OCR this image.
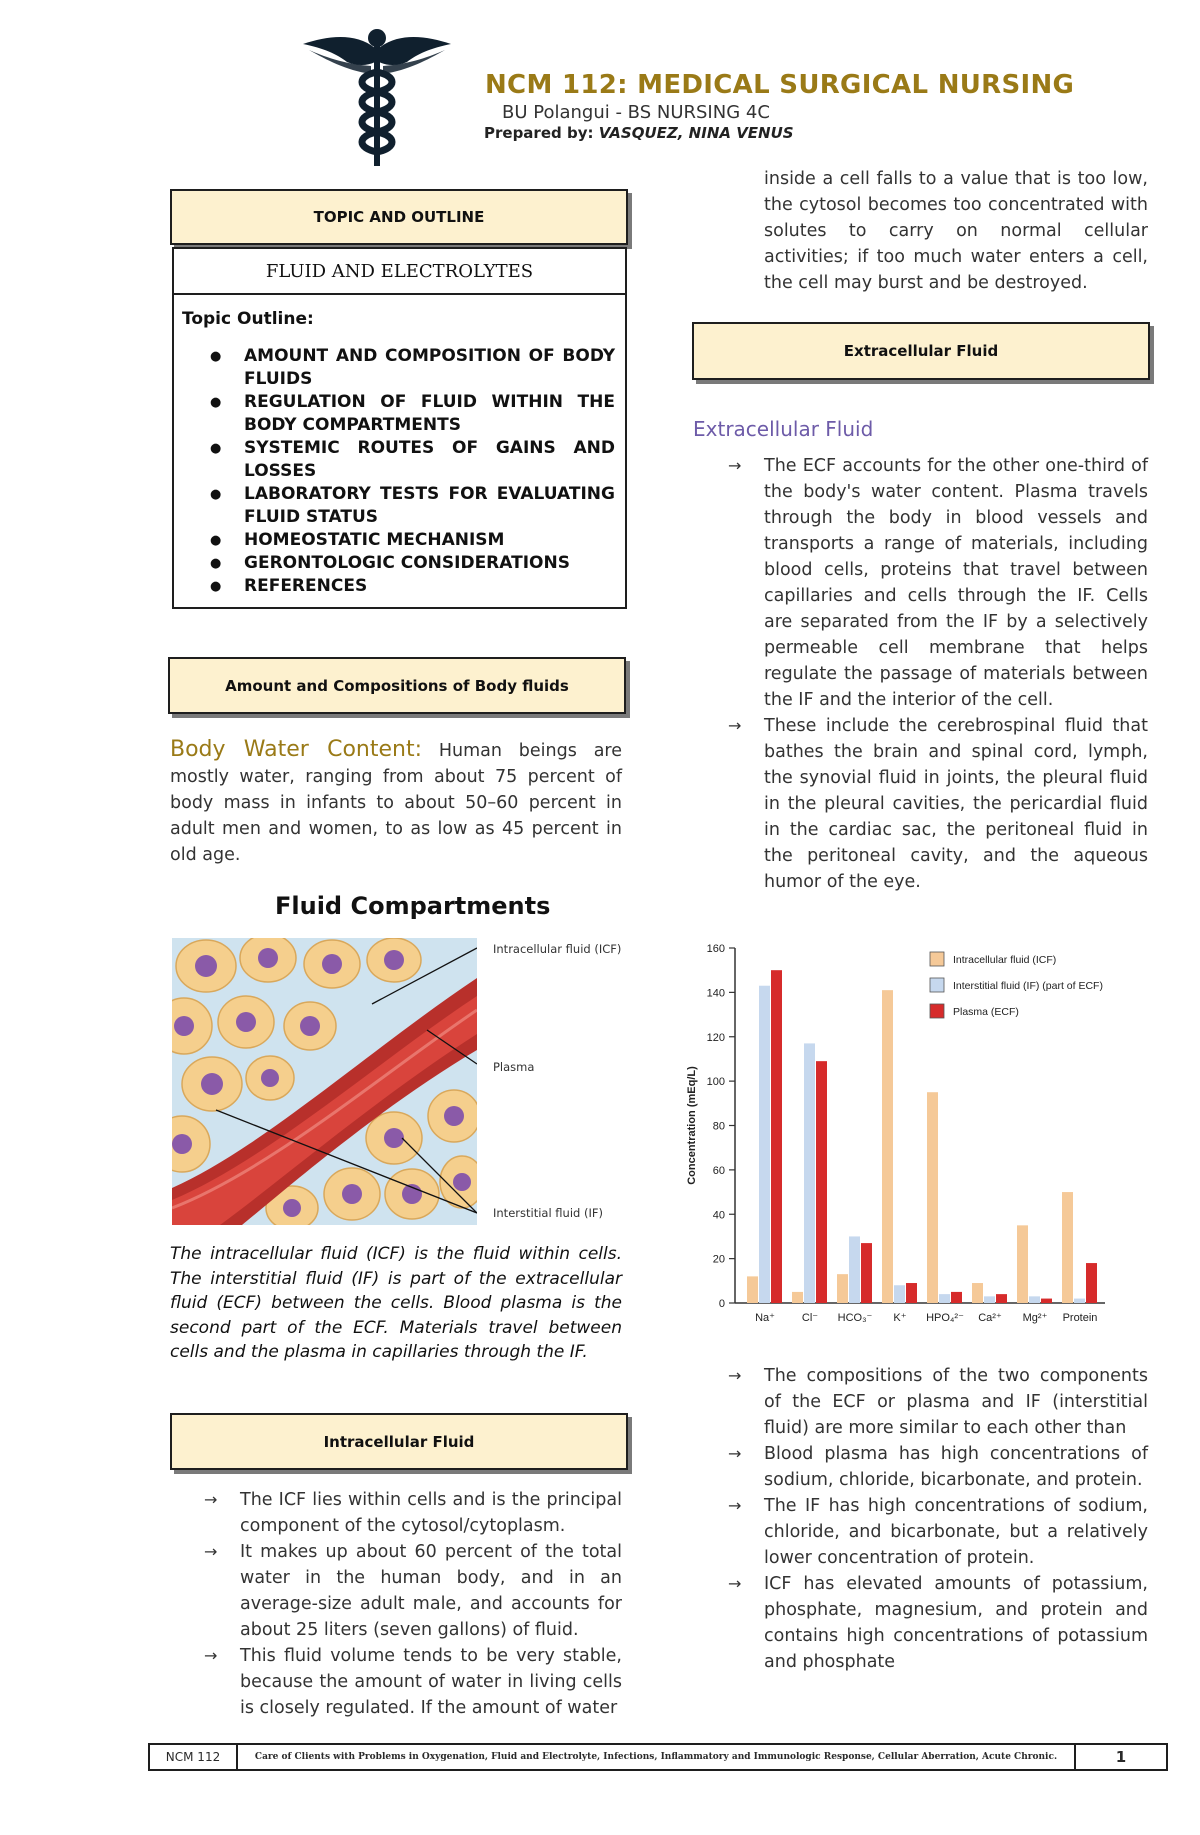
NCM 112: MEDICAL SURGICAL NURSING
BU Polangui - BS NURSING 4C
Prepared by: VASQUEZ, NINA VENUS
TOPIC AND OUTLINE
FLUID AND ELECTROLYTES
Topic Outline:
● AMOUNT AND COMPOSITION OF BODY FLUIDS
● REGULATION OF FLUID WITHIN THE BODY COMPARTMENTS
● SYSTEMIC ROUTES OF GAINS AND LOSSES
● LABORATORY TESTS FOR EVALUATING FLUID STATUS
● HOMEOSTATIC MECHANISM
● GERONTOLOGIC CONSIDERATIONS
● REFERENCES
Amount and Compositions of Body fluids
Body Water Content: Human beings are mostly water, ranging from about 75 percent of body mass in infants to about 50–60 percent in adult men and women, to as low as 45 percent in old age.
Fluid Compartments
Intracellular fluid (ICF)
Plasma
Interstitial fluid (IF)
The intracellular fluid (ICF) is the fluid within cells. The interstitial fluid (IF) is part of the extracellular fluid (ECF) between the cells. Blood plasma is the second part of the ECF. Materials travel between cells and the plasma in capillaries through the IF.
Intracellular Fluid
→ The ICF lies within cells and is the principal component of the cytosol/cytoplasm.
→ It makes up about 60 percent of the total water in the human body, and in an average-size adult male, and accounts for about 25 liters (seven gallons) of fluid.
→ This fluid volume tends to be very stable, because the amount of water in living cells is closely regulated. If the amount of water
inside a cell falls to a value that is too low, the cytosol becomes too concentrated with solutes to carry on normal cellular activities; if too much water enters a cell, the cell may burst and be destroyed.
Extracellular Fluid
Extracellular Fluid
→ The ECF accounts for the other one-third of the body's water content. Plasma travels through the body in blood vessels and transports a range of materials, including blood cells, proteins that travel between capillaries and cells through the IF. Cells are separated from the IF by a selectively permeable cell membrane that helps regulate the passage of materials between the IF and the interior of the cell.
→ These include the cerebrospinal fluid that bathes the brain and spinal cord, lymph, the synovial fluid in joints, the pleural fluid in the pleural cavities, the pericardial fluid in the cardiac sac, the peritoneal fluid in the peritoneal cavity, and the aqueous humor of the eye.
0
20
40
60
80
100
120
140
160
Concentration (mEq/L)
Na⁺ Cl⁻ HCO₃⁻ K⁺ HPO₄²⁻ Ca²⁺ Mg²⁺ Protein
Intracellular fluid (ICF)
Interstitial fluid (IF) (part of ECF)
Plasma (ECF)
→ The compositions of the two components of the ECF or plasma and IF (interstitial fluid) are more similar to each other than
→ Blood plasma has high concentrations of sodium, chloride, bicarbonate, and protein.
→ The IF has high concentrations of sodium, chloride, and bicarbonate, but a relatively lower concentration of protein.
→ ICF has elevated amounts of potassium, phosphate, magnesium, and protein and contains high concentrations of potassium and phosphate
NCM 112	Care of Clients with Problems in Oxygenation, Fluid and Electrolyte, Infections, Inflammatory and Immunologic Response, Cellular Aberration, Acute Chronic.	1
